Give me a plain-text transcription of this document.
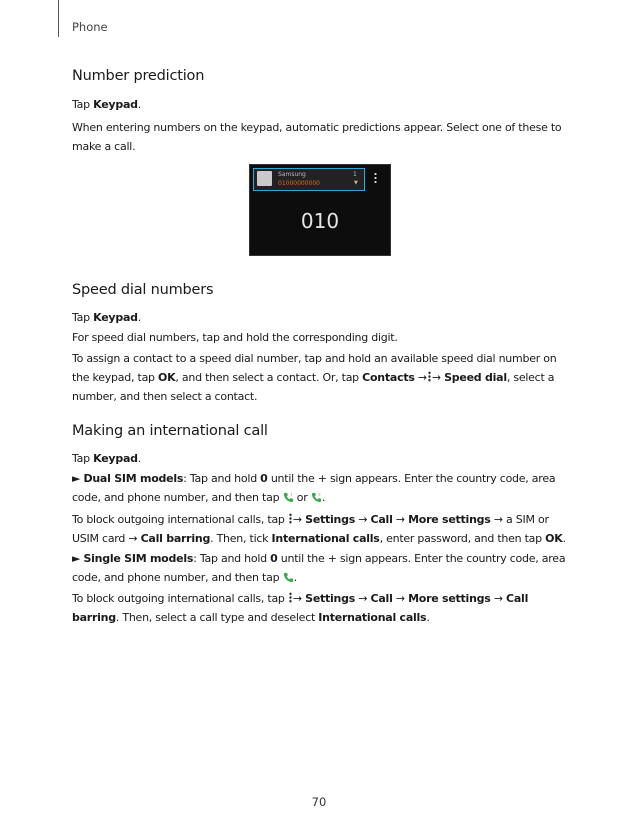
Phone
Number prediction

Tap Keypad.

When entering numbers on the keypad, automatic predictions appear. Select one of these to make a call.

Speed dial numbers

Tap Keypad.

For speed dial numbers, tap and hold the corresponding digit.

To assign a contact to a speed dial number, tap and hold an available speed dial number on the keypad, tap OK, and then select a contact. Or, tap Contacts → → Speed dial, select a number, and then select a contact.

Making an international call

Tap Keypad.

► Dual SIM models: Tap and hold 0 until the + sign appears. Enter the country code, area code, and phone number, and then tap 1 or 2 .

To block outgoing international calls, tap → Settings → Call → More settings → a SIM or USIM card → Call barring. Then, tick International calls, enter password, and then tap OK.

► Single SIM models: Tap and hold 0 until the + sign appears. Enter the country code, area code, and phone number, and then tap .

To block outgoing international calls, tap → Settings → Call → More settings → Call barring. Then, select a call type and deselect International calls.

Samsung
01000000000
1
▼
010
70
